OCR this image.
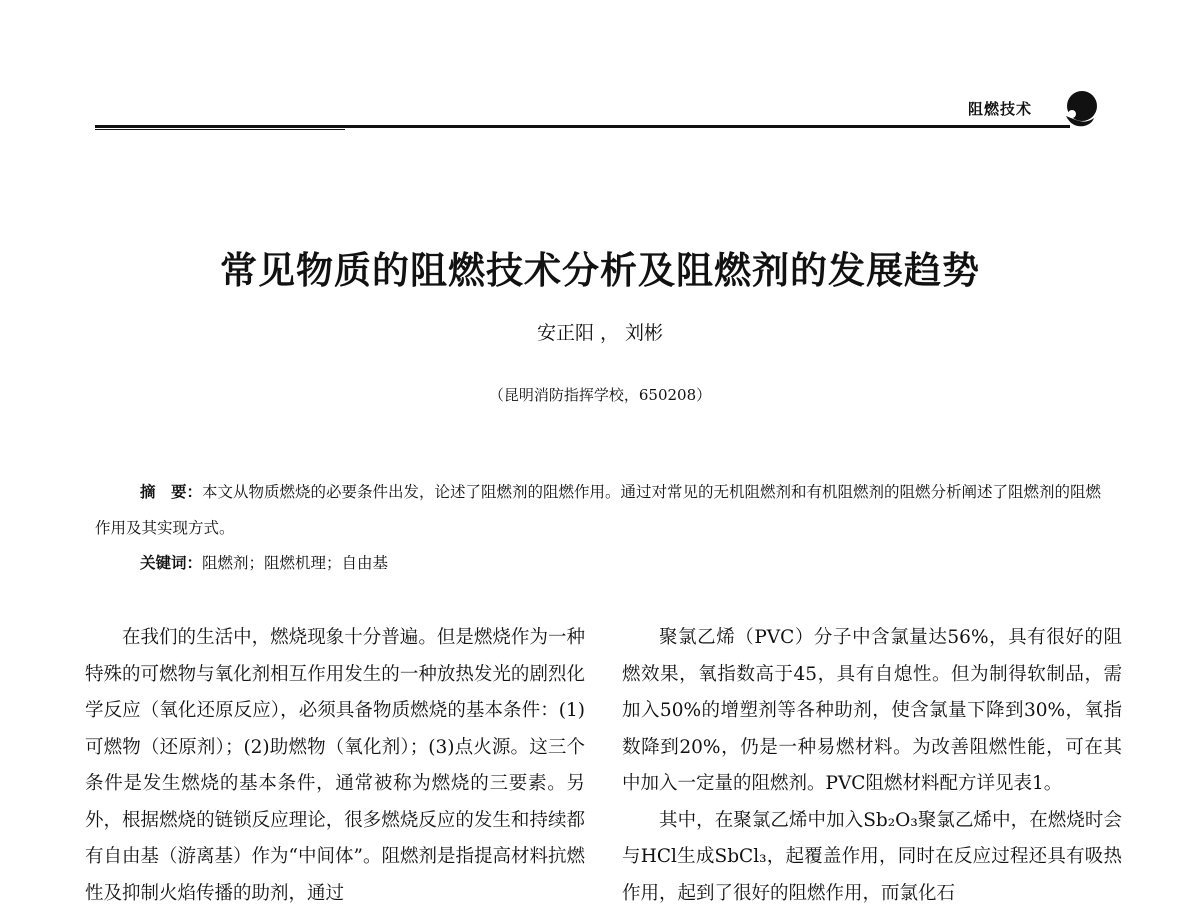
阻燃技术
常见物质的阻燃技术分析及阻燃剂的发展趋势
安正阳 ， 刘彬
（昆明消防指挥学校，650208）
摘　要：本文从物质燃烧的必要条件出发，论述了阻燃剂的阻燃作用。通过对常见的无机阻燃剂和有机阻燃剂的阻燃分析阐述了阻燃剂的阻燃作用及其实现方式。
关键词：阻燃剂；阻燃机理；自由基

在我们的生活中，燃烧现象十分普遍。但是燃烧作为一种特殊的可燃物与氧化剂相互作用发生的一种放热发光的剧烈化学反应（氧化还原反应），必须具备物质燃烧的基本条件：(1)可燃物（还原剂）；(2)助燃物（氧化剂）；(3)点火源。这三个条件是发生燃烧的基本条件，通常被称为燃烧的三要素。另外，根据燃烧的链锁反应理论，很多燃烧反应的发生和持续都有自由基（游离基）作为“中间体”。阻燃剂是指提高材料抗燃性及抑制火焰传播的助剂，通过

聚氯乙烯（PVC）分子中含氯量达56%，具有很好的阻燃效果，氧指数高于45，具有自熄性。但为制得软制品，需加入50%的增塑剂等各种助剂，使含氯量下降到30%，氧指数降到20%，仍是一种易燃材料。为改善阻燃性能，可在其中加入一定量的阻燃剂。PVC阻燃材料配方详见表1。

其中，在聚氯乙烯中加入Sb₂O₃聚氯乙烯中，在燃烧时会与HCl生成SbCl₃，起覆盖作用，同时在反应过程还具有吸热作用，起到了很好的阻燃作用，而氯化石
